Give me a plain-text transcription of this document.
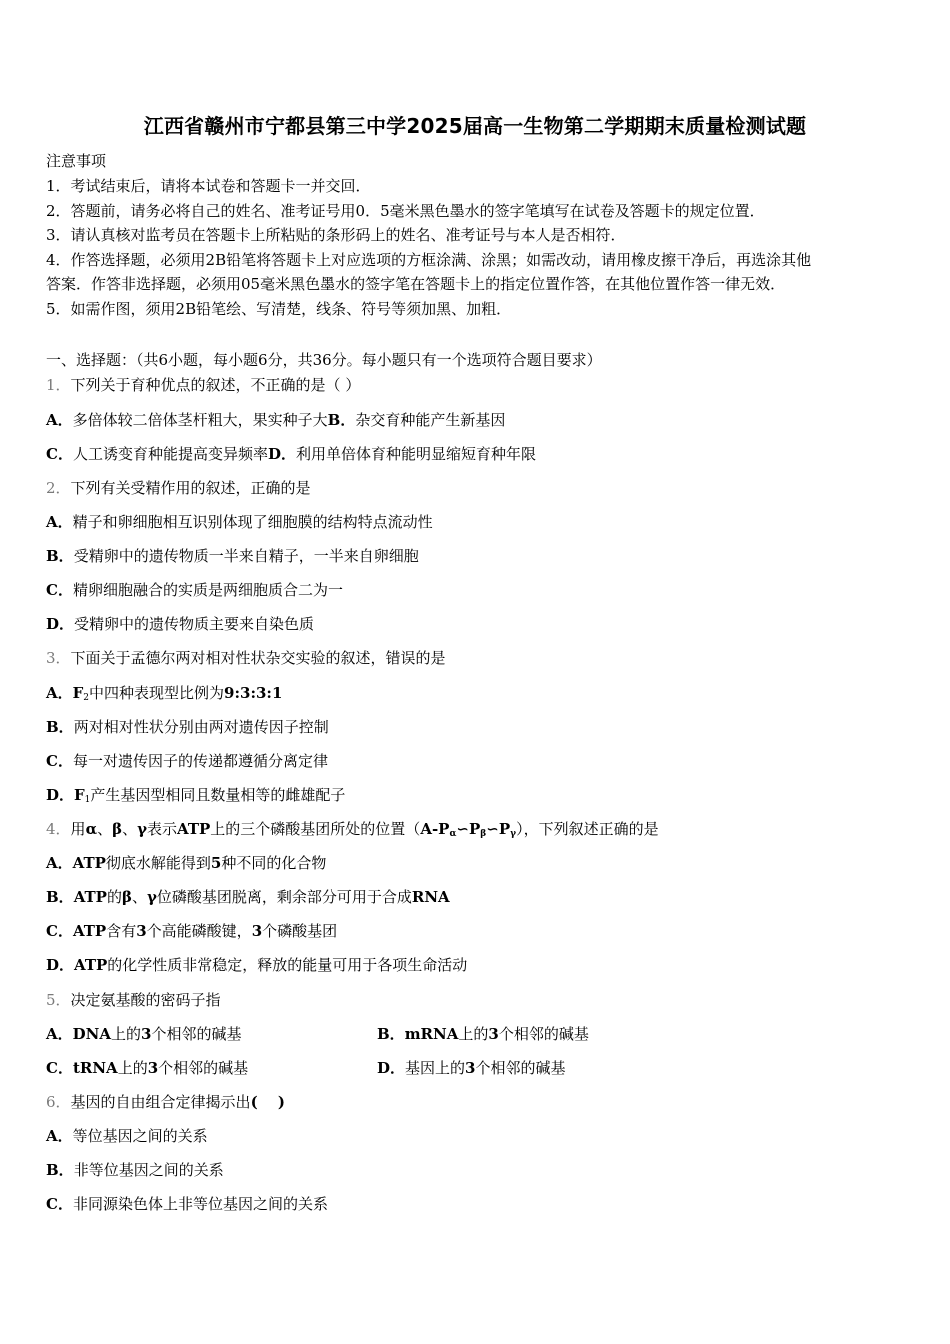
江西省赣州市宁都县第三中学2025届高一生物第二学期期末质量检测试题
注意事项
1．考试结束后，请将本试卷和答题卡一并交回．
2．答题前，请务必将自己的姓名、准考证号用0．5毫米黑色墨水的签字笔填写在试卷及答题卡的规定位置．
3．请认真核对监考员在答题卡上所粘贴的条形码上的姓名、准考证号与本人是否相符．
4．作答选择题，必须用2B铅笔将答题卡上对应选项的方框涂满、涂黑；如需改动，请用橡皮擦干净后，再选涂其他
答案．作答非选择题，必须用05毫米黑色墨水的签字笔在答题卡上的指定位置作答，在其他位置作答一律无效．
5．如需作图，须用2B铅笔绘、写清楚，线条、符号等须加黑、加粗．
一、选择题：（共6小题，每小题6分，共36分。每小题只有一个选项符合题目要求）
1．下列关于育种优点的叙述，不正确的是（ ）
A．多倍体较二倍体茎杆粗大，果实种子大B．杂交育种能产生新基因
C．人工诱变育种能提高变异频率D．利用单倍体育种能明显缩短育种年限
2．下列有关受精作用的叙述，正确的是
A．精子和卵细胞相互识别体现了细胞膜的结构特点流动性
B．受精卵中的遗传物质一半来自精子，一半来自卵细胞
C．精卵细胞融合的实质是两细胞质合二为一
D．受精卵中的遗传物质主要来自染色质
3．下面关于孟德尔两对相对性状杂交实验的叙述，错误的是
A．$F_2$中四种表现型比例为9:3:3:1
B．两对相对性状分别由两对遗传因子控制
C．每一对遗传因子的传递都遵循分离定律
D．$F_1$产生基因型相同且数量相等的雌雄配子
4．用α、β、γ表示ATP上的三个磷酸基团所处的位置$(A-P_\alpha∽P_\beta∽P_\gamma)$，下列叙述正确的是
A．ATP彻底水解能得到5种不同的化合物
B．ATP的β、γ位磷酸基团脱离，剩余部分可用于合成RNA
C．ATP含有3个高能磷酸键，3个磷酸基团
D．ATP的化学性质非常稳定，释放的能量可用于各项生命活动
5．决定氨基酸的密码子指
A．DNA上的3个相邻的碱基	B．mRNA上的3个相邻的碱基
C．tRNA上的3个相邻的碱基	D．基因上的3个相邻的碱基
6．基因的自由组合定律揭示出(　 )
A．等位基因之间的关系
B．非等位基因之间的关系
C．非同源染色体上非等位基因之间的关系
